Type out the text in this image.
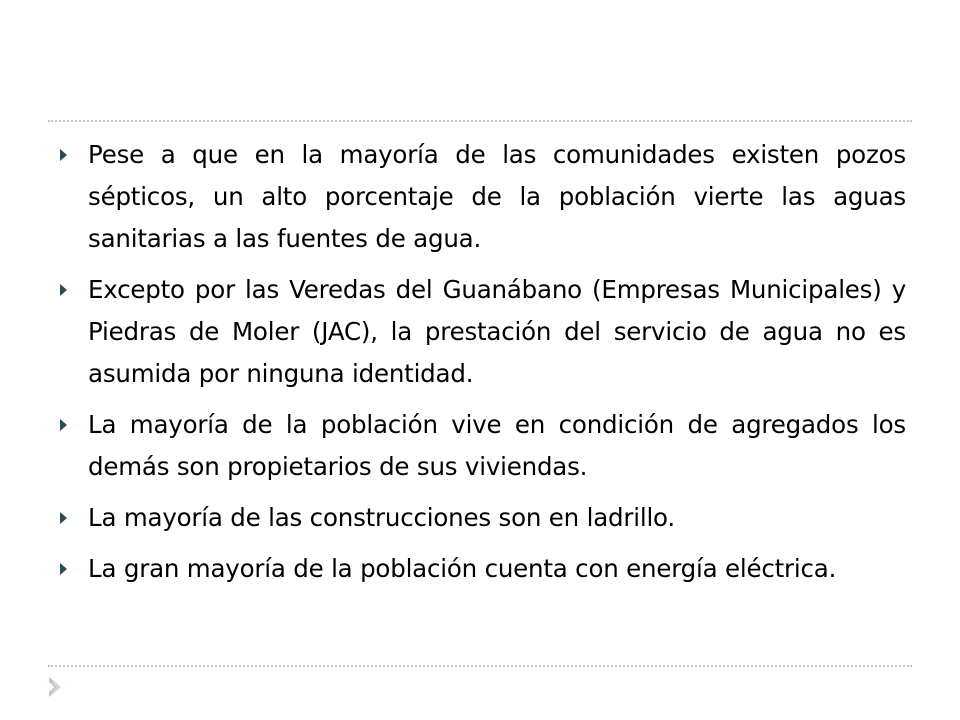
Pese a que en la mayoría de las comunidades existen pozos sépticos, un alto porcentaje de la población vierte las aguas sanitarias a las fuentes de agua.
Excepto por las Veredas del Guanábano (Empresas Municipales) y Piedras de Moler (JAC), la prestación del servicio de agua no es asumida por ninguna identidad.
La mayoría de la población vive en condición de agregados los demás son propietarios de sus viviendas.
La mayoría de las construcciones son en ladrillo.
La gran mayoría de la población cuenta con energía eléctrica.
